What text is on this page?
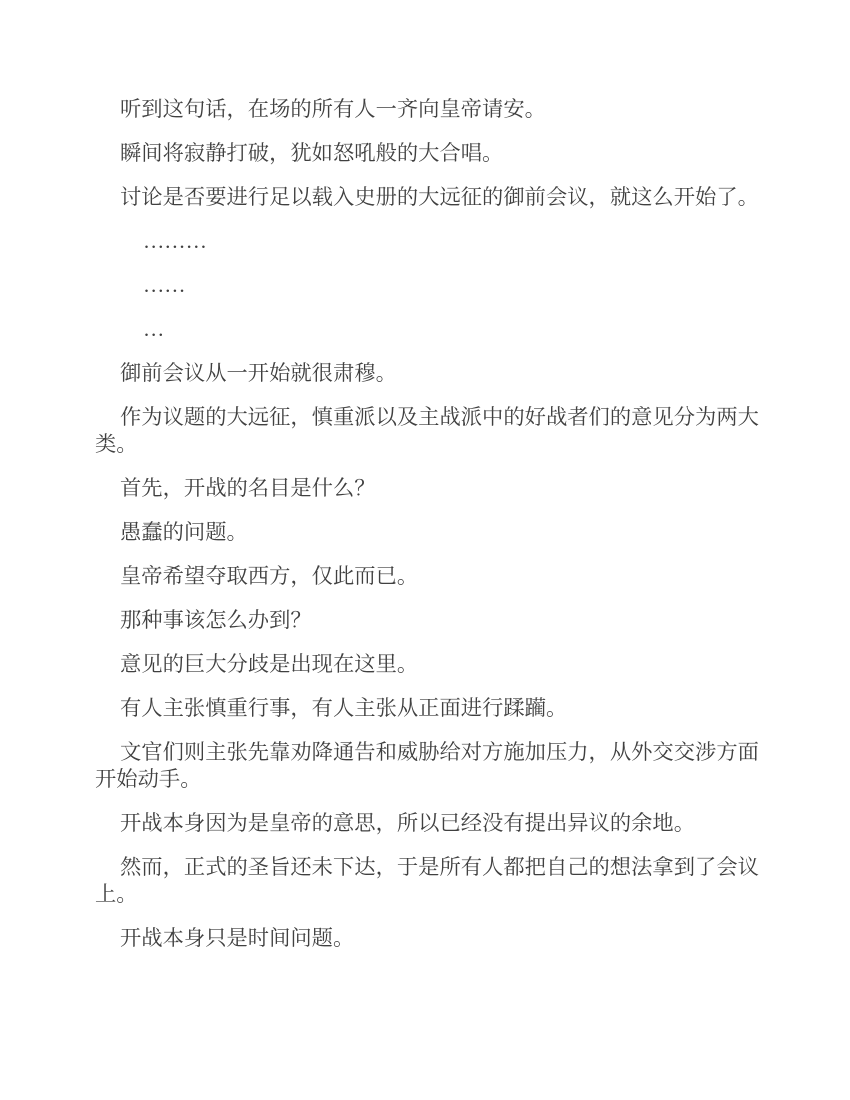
听到这句话，在场的所有人一齐向皇帝请安。

瞬间将寂静打破，犹如怒吼般的大合唱。

讨论是否要进行足以载入史册的大远征的御前会议，就这么开始了。

………

……

…

御前会议从一开始就很肃穆。

作为议题的大远征，慎重派以及主战派中的好战者们的意见分为两大类。

首先，开战的名目是什么？

愚蠢的问题。

皇帝希望夺取西方，仅此而已。

那种事该怎么办到？

意见的巨大分歧是出现在这里。

有人主张慎重行事，有人主张从正面进行蹂躏。

文官们则主张先靠劝降通告和威胁给对方施加压力，从外交交涉方面开始动手。

开战本身因为是皇帝的意思，所以已经没有提出异议的余地。

然而，正式的圣旨还未下达，于是所有人都把自己的想法拿到了会议上。

开战本身只是时间问题。
